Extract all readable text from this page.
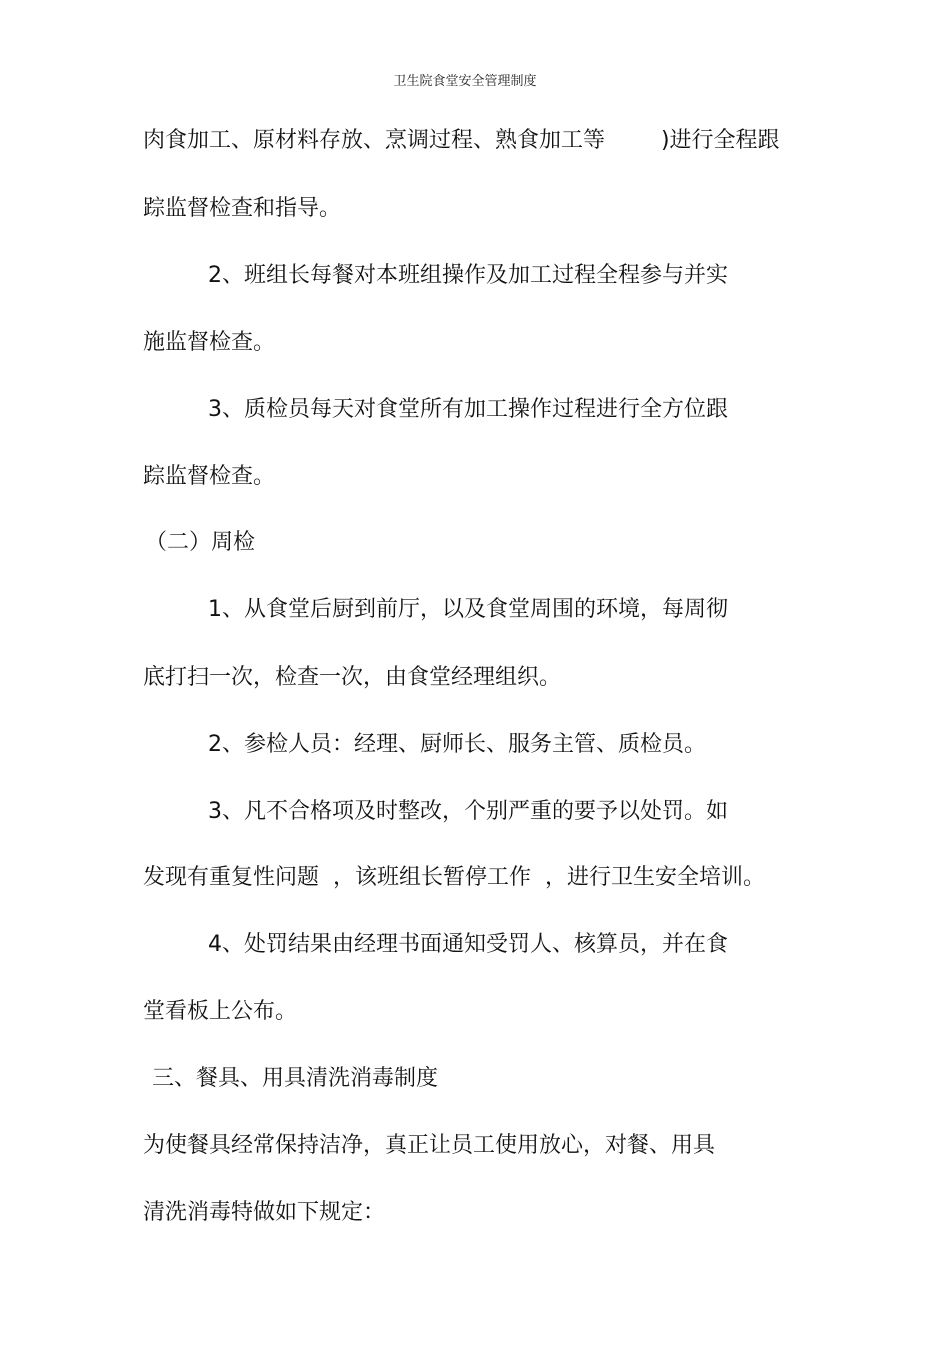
卫生院食堂安全管理制度
肉食加工、原材料存放、烹调过程、熟食加工等        )进行全程跟
踪监督检查和指导。
2、班组长每餐对本班组操作及加工过程全程参与并实
施监督检查。
3、质检员每天对食堂所有加工操作过程进行全方位跟
踪监督检查。
（二）周检
1、从食堂后厨到前厅，以及食堂周围的环境，每周彻
底打扫一次，检查一次，由食堂经理组织。
2、参检人员：经理、厨师长、服务主管、质检员。
3、凡不合格项及时整改，个别严重的要予以处罚。如
发现有重复性问题  ，该班组长暂停工作  ，进行卫生安全培训。
4、处罚结果由经理书面通知受罚人、核算员，并在食
堂看板上公布。
三、餐具、用具清洗消毒制度
为使餐具经常保持洁净，真正让员工使用放心，对餐、用具
清洗消毒特做如下规定：
